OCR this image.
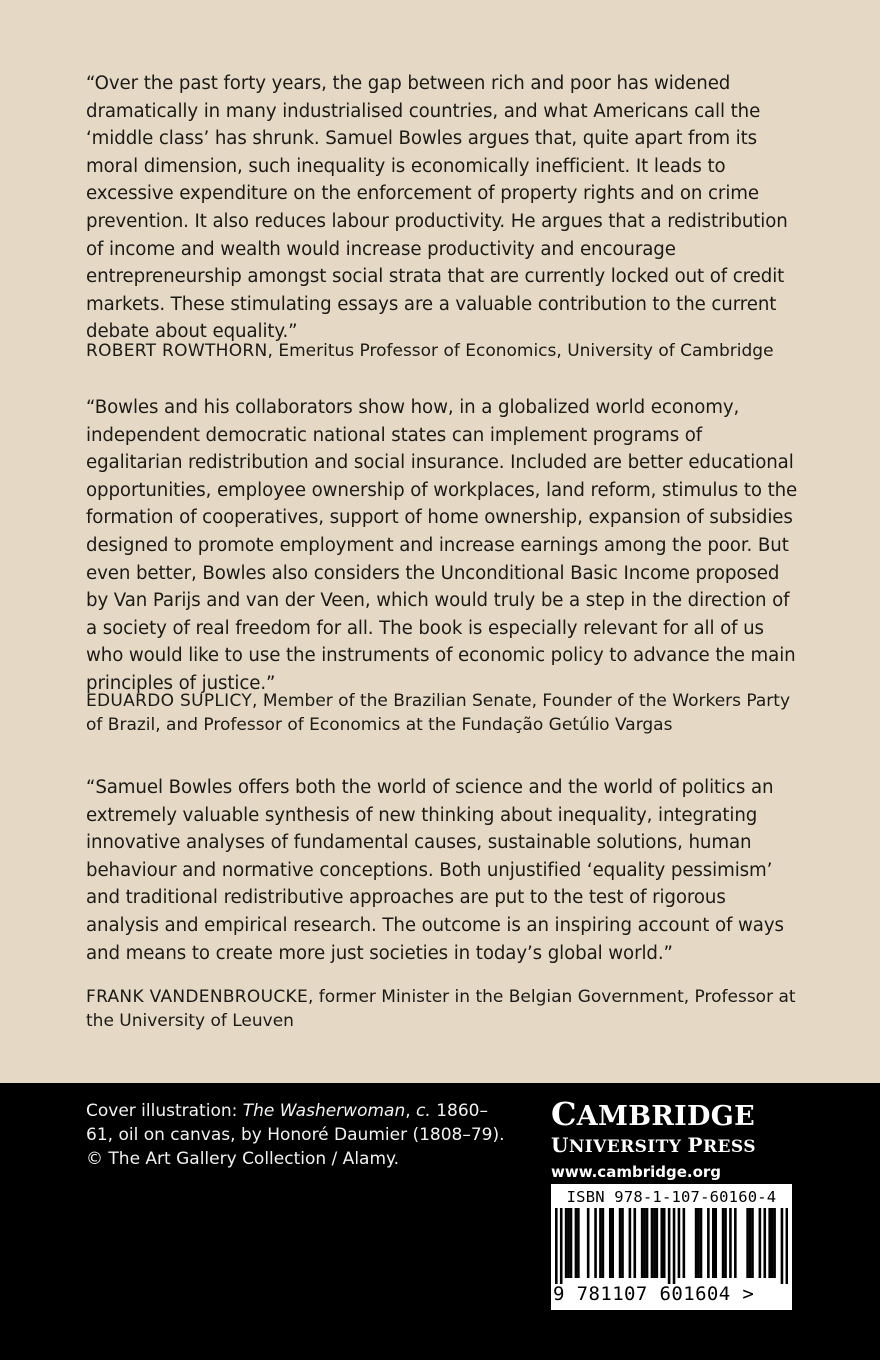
“Over the past forty years, the gap between rich and poor has widened dramatically in many industrialised countries, and what Americans call the ‘middle class’ has shrunk. Samuel Bowles argues that, quite apart from its moral dimension, such inequality is economically inefficient. It leads to excessive expenditure on the enforcement of property rights and on crime prevention. It also reduces labour productivity. He argues that a redistribution of income and wealth would increase productivity and encourage entrepreneurship amongst social strata that are currently locked out of credit markets. These stimulating essays are a valuable contribution to the current debate about equality.”

ROBERT ROWTHORN, Emeritus Professor of Economics, University of Cambridge

“Bowles and his collaborators show how, in a globalized world economy, independent democratic national states can implement programs of egalitarian redistribution and social insurance. Included are better educational opportunities, employee ownership of workplaces, land reform, stimulus to the formation of cooperatives, support of home ownership, expansion of subsidies designed to promote employment and increase earnings among the poor. But even better, Bowles also considers the Unconditional Basic Income proposed by Van Parijs and van der Veen, which would truly be a step in the direction of a society of real freedom for all. The book is especially relevant for all of us who would like to use the instruments of economic policy to advance the main principles of justice.”

EDUARDO SUPLICY, Member of the Brazilian Senate, Founder of the Workers Party of Brazil, and Professor of Economics at the Fundação Getúlio Vargas

“Samuel Bowles offers both the world of science and the world of politics an extremely valuable synthesis of new thinking about inequality, integrating innovative analyses of fundamental causes, sustainable solutions, human behaviour and normative conceptions. Both unjustified ‘equality pessimism’ and traditional redistributive approaches are put to the test of rigorous analysis and empirical research. The outcome is an inspiring account of ways and means to create more just societies in today’s global world.”

FRANK VANDENBROUCKE, former Minister in the Belgian Government, Professor at the University of Leuven

Cover illustration: The Washerwoman, c. 1860–61, oil on canvas, by Honoré Daumier (1808–79). © The Art Gallery Collection / Alamy.
CAMBRIDGE
UNIVERSITY PRESS
www.cambridge.org
ISBN 978-1-107-60160-4
9 781107 601604 >
